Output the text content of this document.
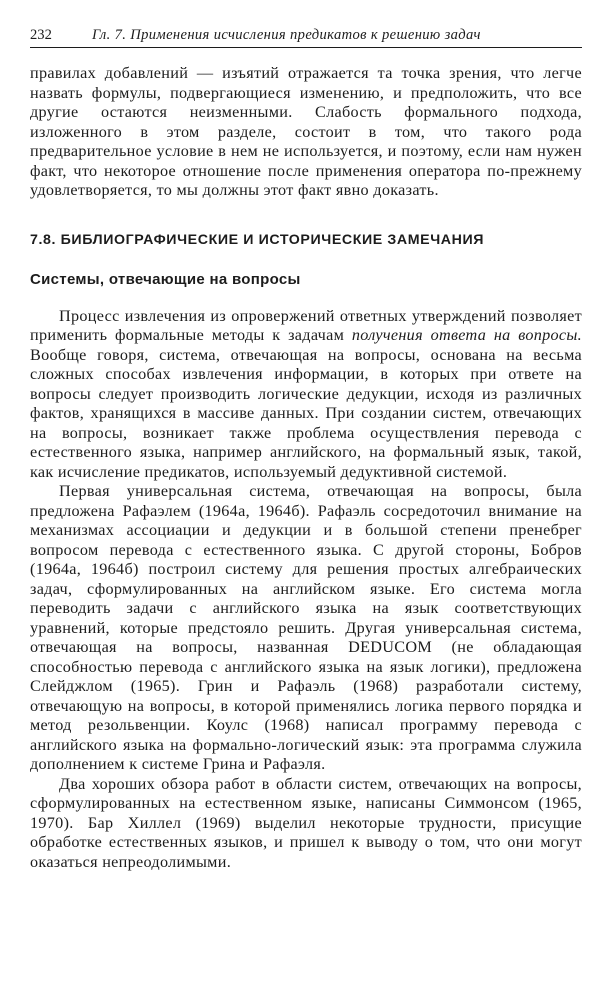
232	Гл. 7. Применения исчисления предикатов к решению задач

правилах добавлений — изъятий отражается та точка зрения, что легче назвать формулы, подвергающиеся изменению, и предположить, что все другие остаются неизменными. Слабость формального подхода, изложенного в этом разделе, состоит в том, что такого рода предварительное условие в нем не используется, и поэтому, если нам нужен факт, что некоторое отношение после применения оператора по-прежнему удовлетворяется, то мы должны этот факт явно доказать.

7.8. БИБЛИОГРАФИЧЕСКИЕ И ИСТОРИЧЕСКИЕ ЗАМЕЧАНИЯ
Системы, отвечающие на вопросы

Процесс извлечения из опровержений ответных утверждений позволяет применить формальные методы к задачам получения ответа на вопросы. Вообще говоря, система, отвечающая на вопросы, основана на весьма сложных способах извлечения информации, в которых при ответе на вопросы следует производить логические дедукции, исходя из различных фактов, хранящихся в массиве данных. При создании систем, отвечающих на вопросы, возникает также проблема осуществления перевода с естественного языка, например английского, на формальный язык, такой, как исчисление предикатов, используемый дедуктивной системой.

Первая универсальная система, отвечающая на вопросы, была предложена Рафаэлем (1964а, 1964б). Рафаэль сосредоточил внимание на механизмах ассоциации и дедукции и в большой степени пренебрег вопросом перевода с естественного языка. С другой стороны, Бобров (1964а, 1964б) построил систему для решения простых алгебраических задач, сформулированных на английском языке. Его система могла переводить задачи с английского языка на язык соответствующих уравнений, которые предстояло решить. Другая универсальная система, отвечающая на вопросы, названная DEDUCOM (не обладающая способностью перевода с английского языка на язык логики), предложена Слейджлом (1965). Грин и Рафаэль (1968) разработали систему, отвечающую на вопросы, в которой применялись логика первого порядка и метод резольвенции. Коулс (1968) написал программу перевода с английского языка на формально-логический язык: эта программа служила дополнением к системе Грина и Рафаэля.

Два хороших обзора работ в области систем, отвечающих на вопросы, сформулированных на естественном языке, написаны Симмонсом (1965, 1970). Бар Хиллел (1969) выделил некоторые трудности, присущие обработке естественных языков, и пришел к выводу о том, что они могут оказаться непреодолимыми.
